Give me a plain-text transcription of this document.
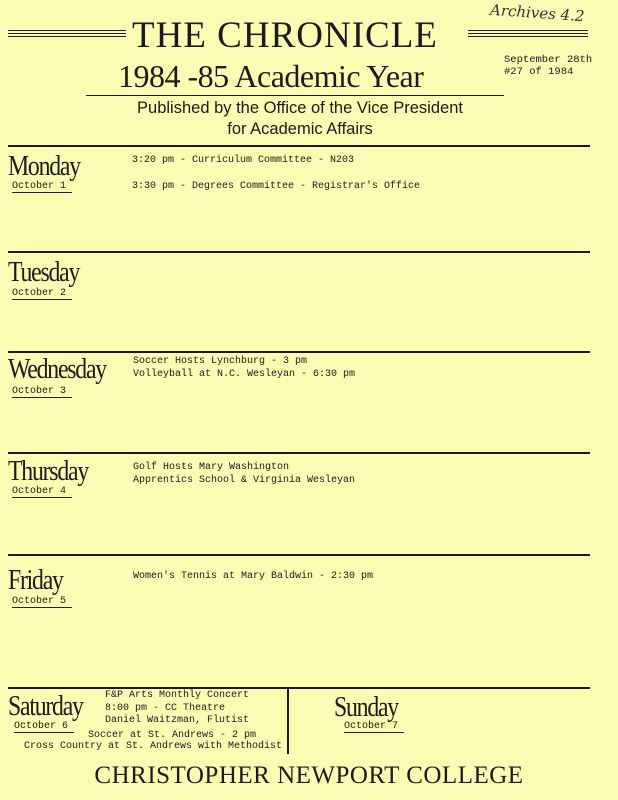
Archives 4.2
THE CHRONICLE
1984 -85 Academic Year
Published by the Office of the Vice President
for Academic Affairs
September 28th
#27 of 1984
Monday
October 1
3:20 pm - Curriculum Committee - N203
3:30 pm - Degrees Committee - Registrar's Office
Tuesday
October 2
Wednesday
October 3
Soccer Hosts Lynchburg - 3 pm
Volleyball at N.C. Wesleyan - 6:30 pm
Thursday
October 4
Golf Hosts Mary Washington
Apprentics School & Virginia Wesleyan
Friday
October 5
Women's Tennis at Mary Baldwin - 2:30 pm
Saturday
October 6
F&P Arts Monthly Concert
8:00 pm - CC Theatre
Daniel Waitzman, Flutist
Soccer at St. Andrews - 2 pm
Cross Country at St. Andrews with Methodist
Sunday
October 7
CHRISTOPHER NEWPORT COLLEGE
